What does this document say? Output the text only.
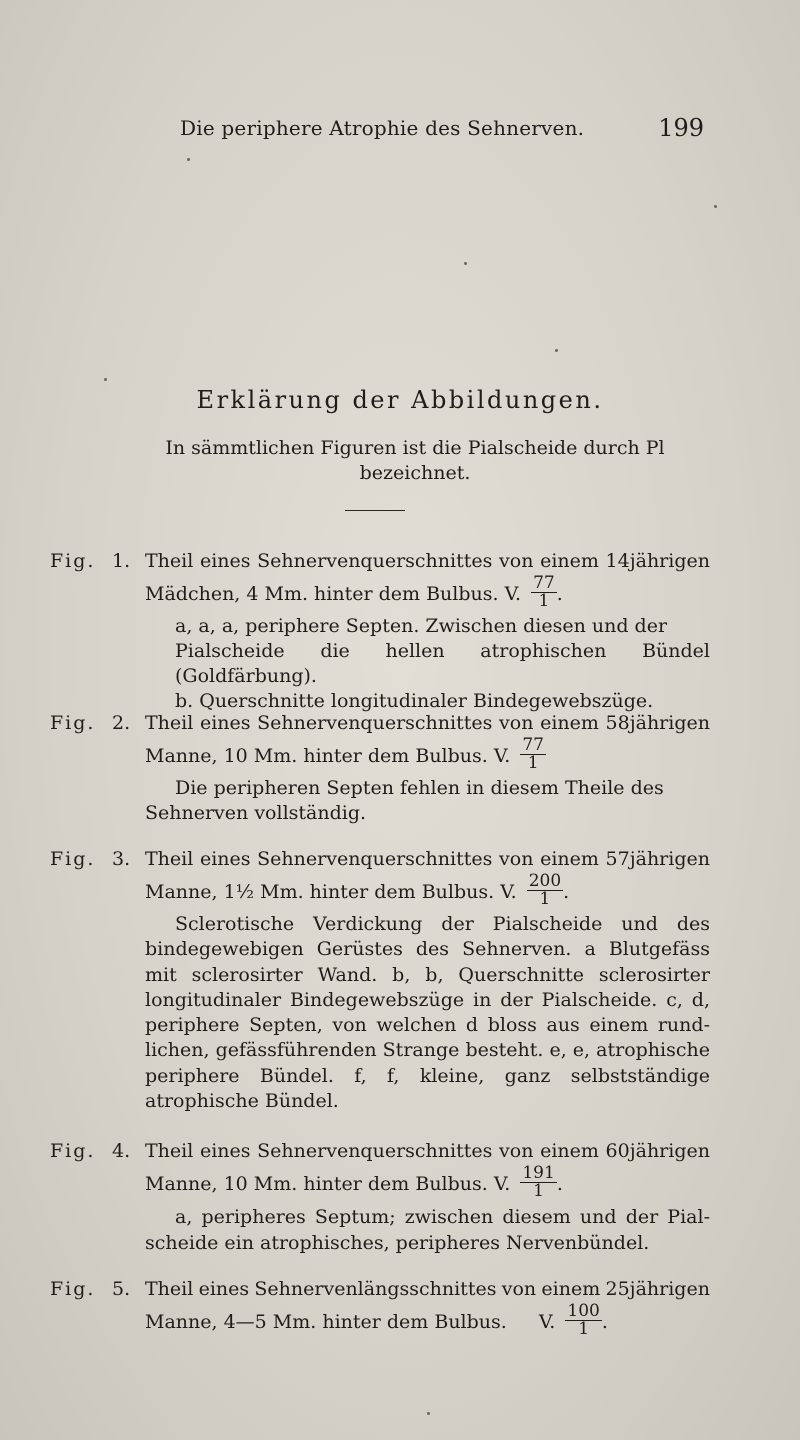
Die periphere Atrophie des Sehnerven.	199
Erklärung der Abbildungen.
In sämmtlichen Figuren ist die Pialscheide durch Pl
bezeichnet.
Fig. 1. Theil eines Sehnervenquerschnittes von einem 14jährigen
Mädchen, 4 Mm. hinter dem Bulbus. V. $\frac{77}{1}$ .
a, a, a, periphere Septen. Zwischen diesen und der
Pialscheide die hellen atrophischen Bündel (Goldfärbung).
b. Querschnitte longitudinaler Bindegewebszüge.
Fig. 2. Theil eines Sehnervenquerschnittes von einem 58jährigen
Manne, 10 Mm. hinter dem Bulbus. V. $\frac{77}{1}$
Die peripheren Septen fehlen in diesem Theile des
Sehnerven vollständig.
Fig. 3. Theil eines Sehnervenquerschnittes von einem 57jährigen
Manne, 1½ Mm. hinter dem Bulbus. V. $\frac{200}{1}$ .
Sclerotische Verdickung der Pialscheide und des
bindegewebigen Gerüstes des Sehnerven. a Blutgefäss
mit sclerosirter Wand. b, b, Querschnitte sclerosirter
longitudinaler Bindegewebszüge in der Pialscheide. c, d,
periphere Septen, von welchen d bloss aus einem rund-
lichen, gefässführenden Strange besteht. e, e, atrophische
periphere Bündel. f, f, kleine, ganz selbstständige
atrophische Bündel.
Fig. 4. Theil eines Sehnervenquerschnittes von einem 60jährigen
Manne, 10 Mm. hinter dem Bulbus. V. $\frac{191}{1}$ .
a, peripheres Septum; zwischen diesem und der Pial-
scheide ein atrophisches, peripheres Nervenbündel.
Fig. 5. Theil eines Sehnervenlängsschnittes von einem 25jährigen
Manne, 4—5 Mm. hinter dem Bulbus. V. $\frac{100}{1}$ .
